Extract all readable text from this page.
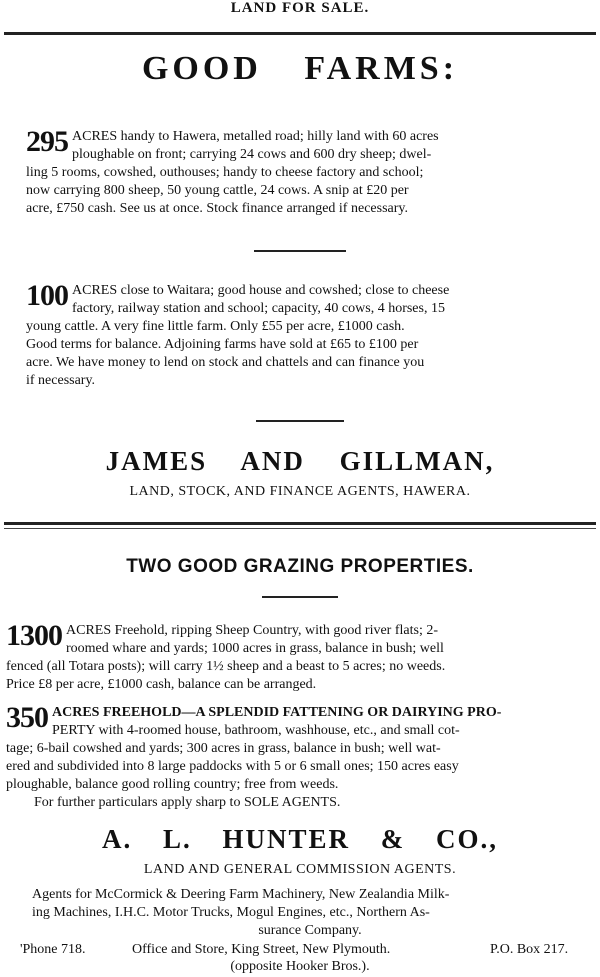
LAND FOR SALE.
GOOD FARMS:
295 ACRES handy to Hawera, metalled road; hilly land with 60 acres
ploughable on front; carrying 24 cows and 600 dry sheep; dwel-
ling 5 rooms, cowshed, outhouses; handy to cheese factory and school;
now carrying 800 sheep, 50 young cattle, 24 cows. A snip at £20 per
acre, £750 cash. See us at once. Stock finance arranged if necessary.
100 ACRES close to Waitara; good house and cowshed; close to cheese
factory, railway station and school; capacity, 40 cows, 4 horses, 15
young cattle. A very fine little farm. Only £55 per acre, £1000 cash.
Good terms for balance. Adjoining farms have sold at £65 to £100 per
acre. We have money to lend on stock and chattels and can finance you
if necessary.
JAMES AND GILLMAN,
LAND, STOCK, AND FINANCE AGENTS, HAWERA.
TWO GOOD GRAZING PROPERTIES.
1300 ACRES Freehold, ripping Sheep Country, with good river flats; 2-
roomed whare and yards; 1000 acres in grass, balance in bush; well
fenced (all Totara posts); will carry 1½ sheep and a beast to 5 acres; no weeds.
Price £8 per acre, £1000 cash, balance can be arranged.
350 ACRES FREEHOLD—A SPLENDID FATTENING OR DAIRYING PRO-
PERTY with 4-roomed house, bathroom, washhouse, etc., and small cot-
tage; 6-bail cowshed and yards; 300 acres in grass, balance in bush; well wat-
ered and subdivided into 8 large paddocks with 5 or 6 small ones; 150 acres easy
ploughable, balance good rolling country; free from weeds.
For further particulars apply sharp to SOLE AGENTS.
A. L. HUNTER & CO.,
LAND AND GENERAL COMMISSION AGENTS.
Agents for McCormick & Deering Farm Machinery, New Zealandia Milk-
ing Machines, I.H.C. Motor Trucks, Mogul Engines, etc., Northern As-
surance Company.
'Phone 718.	Office and Store, King Street, New Plymouth.	P.O. Box 217.
(opposite Hooker Bros.).
